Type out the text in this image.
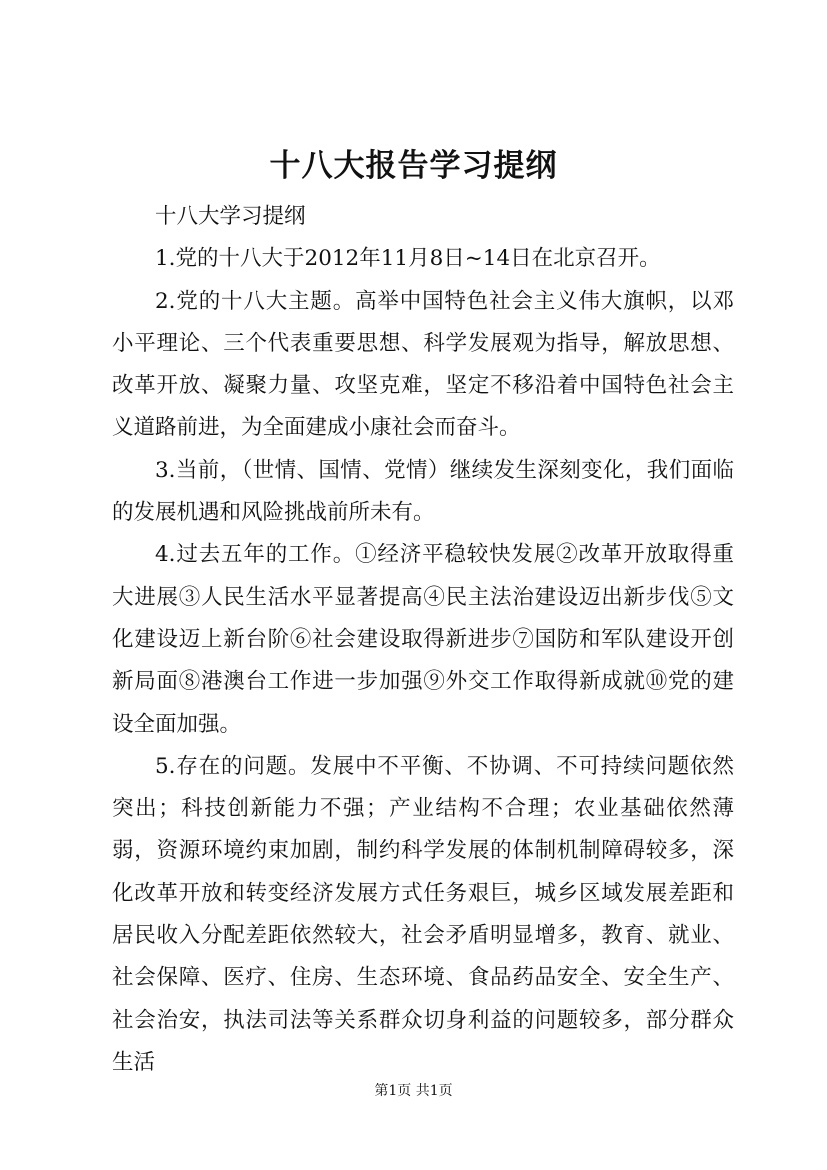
十八大报告学习提纲

十八大学习提纲

1.党的十八大于2012年11月8日~14日在北京召开。

2.党的十八大主题。高举中国特色社会主义伟大旗帜，以邓小平理论、三个代表重要思想、科学发展观为指导，解放思想、改革开放、凝聚力量、攻坚克难，坚定不移沿着中国特色社会主义道路前进，为全面建成小康社会而奋斗。

3.当前，（世情、国情、党情）继续发生深刻变化，我们面临的发展机遇和风险挑战前所未有。

4.过去五年的工作。①经济平稳较快发展②改革开放取得重大进展③人民生活水平显著提高④民主法治建设迈出新步伐⑤文化建设迈上新台阶⑥社会建设取得新进步⑦国防和军队建设开创新局面⑧港澳台工作进一步加强⑨外交工作取得新成就⑩党的建设全面加强。

5.存在的问题。发展中不平衡、不协调、不可持续问题依然突出；科技创新能力不强；产业结构不合理；农业基础依然薄弱，资源环境约束加剧，制约科学发展的体制机制障碍较多，深化改革开放和转变经济发展方式任务艰巨，城乡区域发展差距和居民收入分配差距依然较大，社会矛盾明显增多，教育、就业、社会保障、医疗、住房、生态环境、食品药品安全、安全生产、社会治安，执法司法等关系群众切身利益的问题较多，部分群众生活

第1页 共1页
